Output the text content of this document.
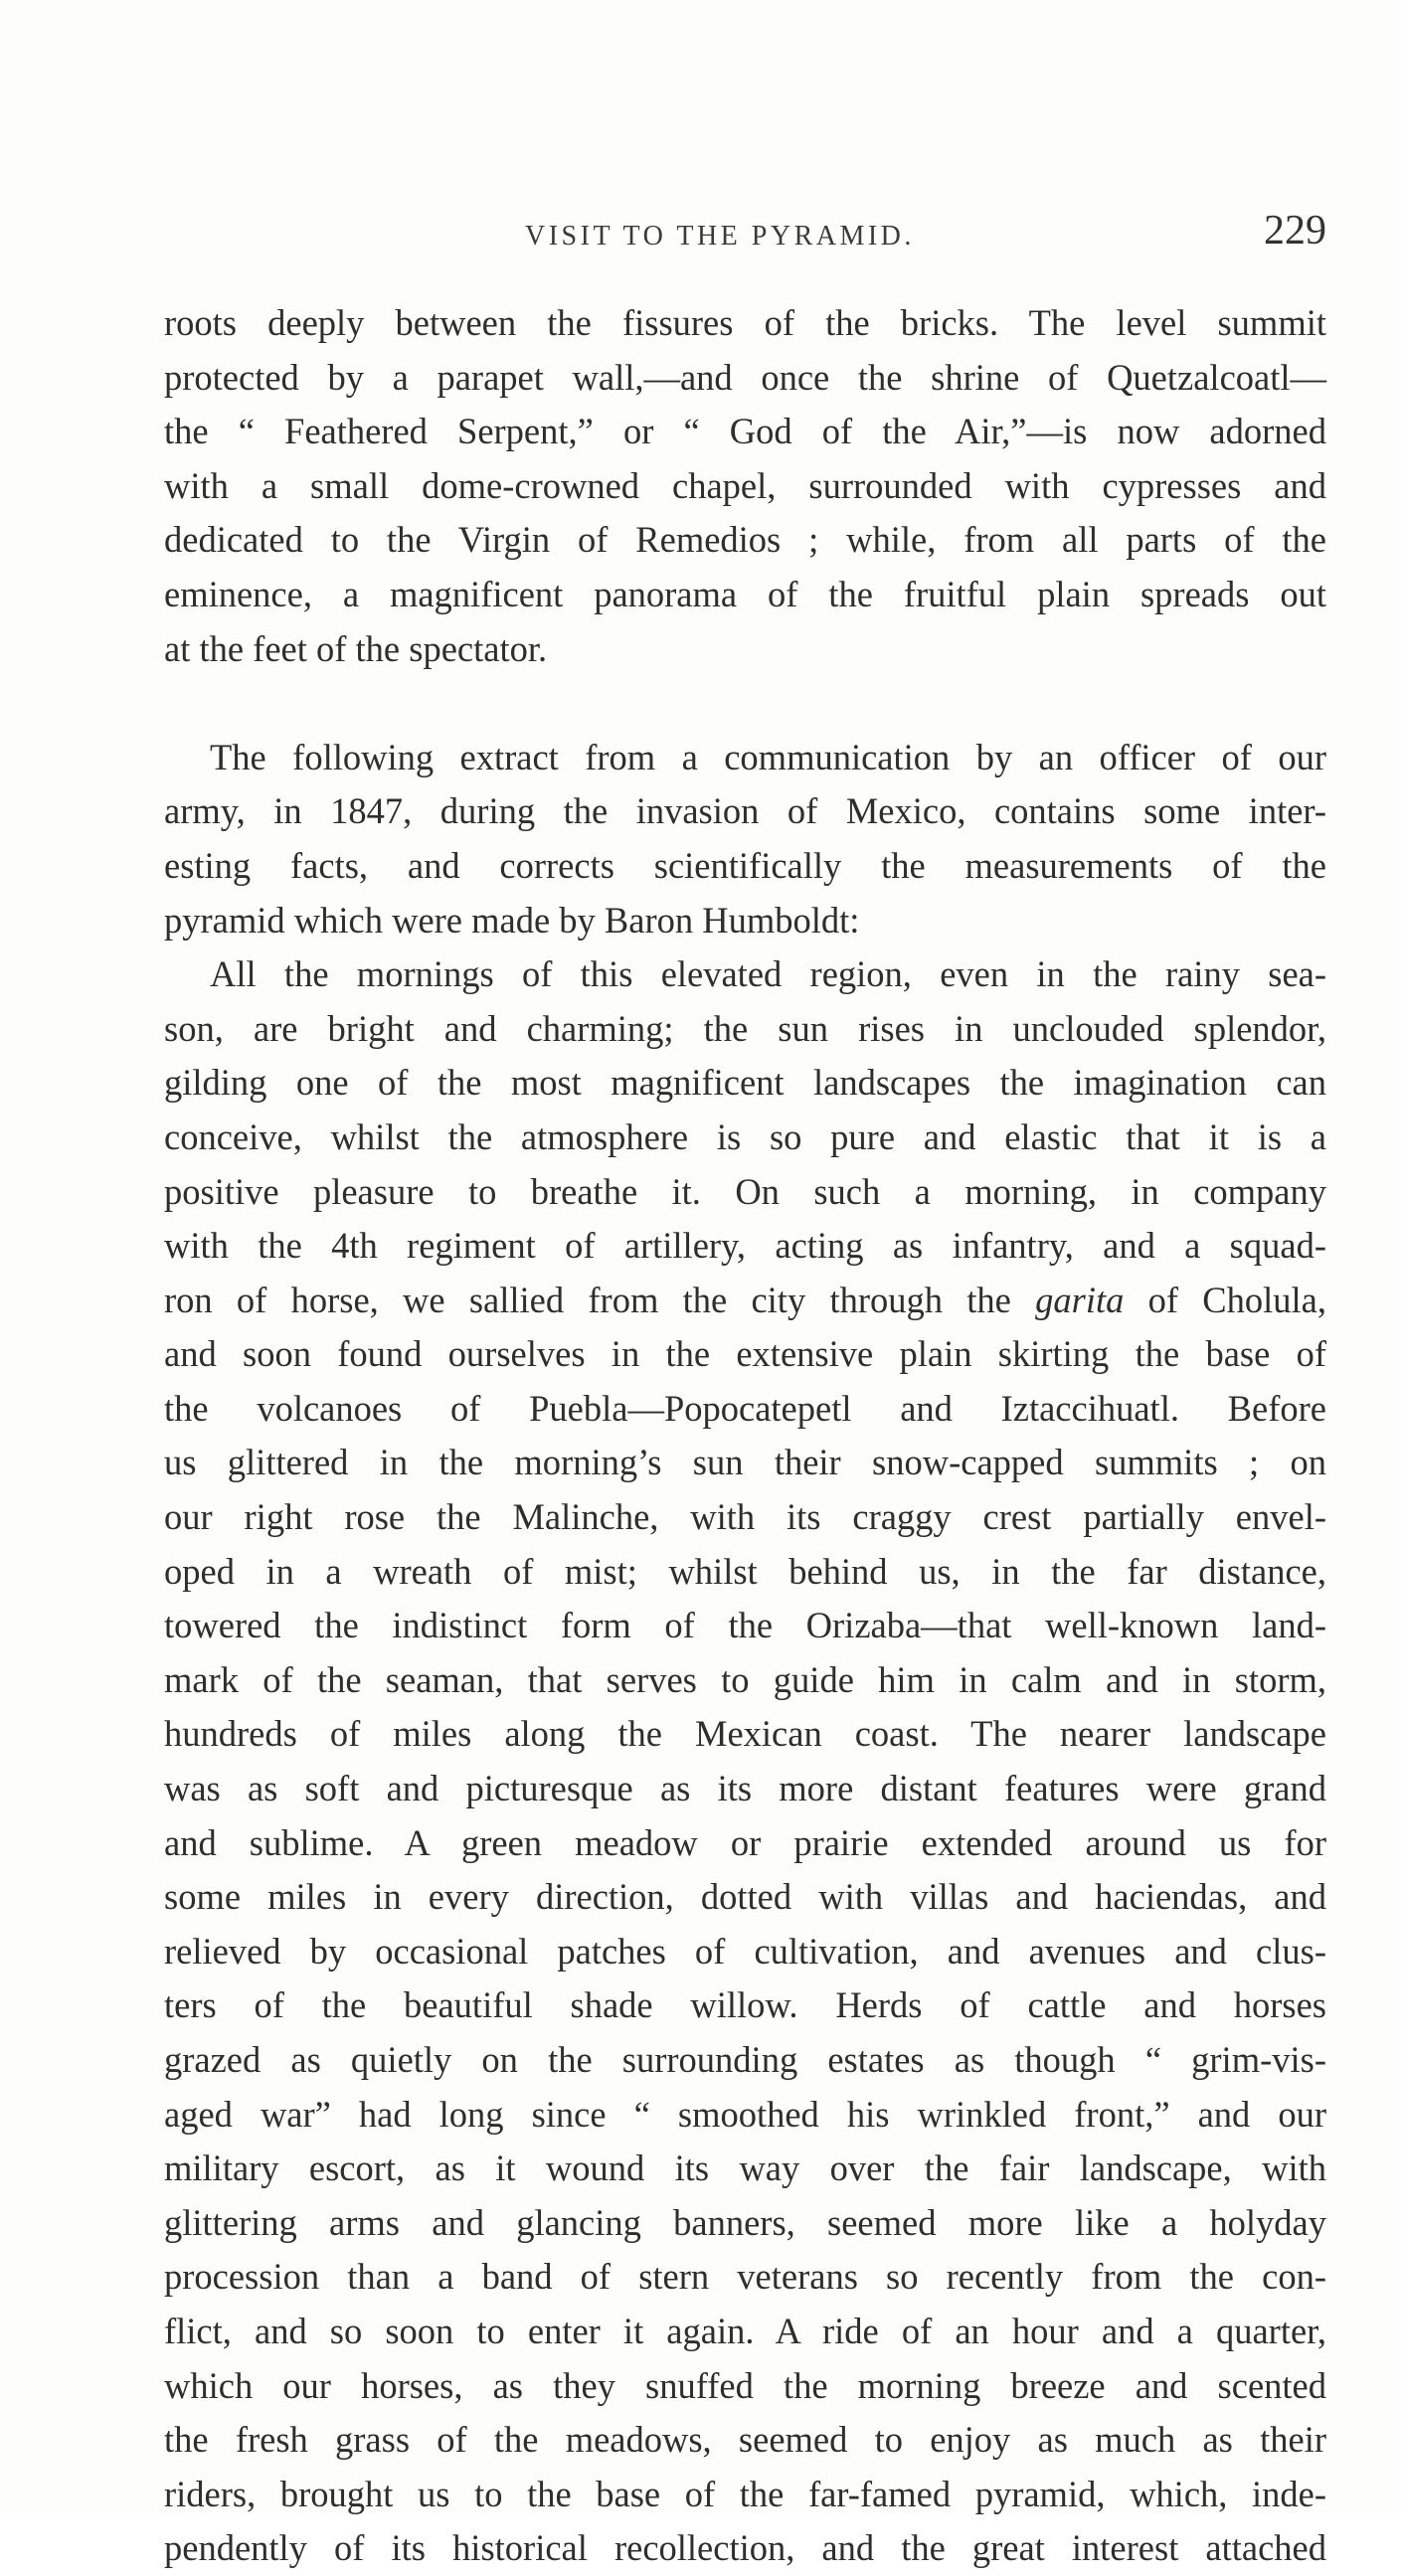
VISIT TO THE PYRAMID.	229
roots deeply between the fissures of the bricks. The level summit
protected by a parapet wall,—and once the shrine of Quetzalcoatl—
the “ Feathered Serpent,” or “ God of the Air,”—is now adorned
with a small dome-crowned chapel, surrounded with cypresses and
dedicated to the Virgin of Remedios ; while, from all parts of the
eminence, a magnificent panorama of the fruitful plain spreads out
at the feet of the spectator.
The following extract from a communication by an officer of our
army, in 1847, during the invasion of Mexico, contains some inter-
esting facts, and corrects scientifically the measurements of the
pyramid which were made by Baron Humboldt:
All the mornings of this elevated region, even in the rainy sea-
son, are bright and charming; the sun rises in unclouded splendor,
gilding one of the most magnificent landscapes the imagination can
conceive, whilst the atmosphere is so pure and elastic that it is a
positive pleasure to breathe it. On such a morning, in company
with the 4th regiment of artillery, acting as infantry, and a squad-
ron of horse, we sallied from the city through the garita of Cholula,
and soon found ourselves in the extensive plain skirting the base of
the volcanoes of Puebla—Popocatepetl and Iztaccihuatl. Before
us glittered in the morning’s sun their snow-capped summits ; on
our right rose the Malinche, with its craggy crest partially envel-
oped in a wreath of mist; whilst behind us, in the far distance,
towered the indistinct form of the Orizaba—that well-known land-
mark of the seaman, that serves to guide him in calm and in storm,
hundreds of miles along the Mexican coast. The nearer landscape
was as soft and picturesque as its more distant features were grand
and sublime. A green meadow or prairie extended around us for
some miles in every direction, dotted with villas and haciendas, and
relieved by occasional patches of cultivation, and avenues and clus-
ters of the beautiful shade willow. Herds of cattle and horses
grazed as quietly on the surrounding estates as though “ grim-vis-
aged war” had long since “ smoothed his wrinkled front,” and our
military escort, as it wound its way over the fair landscape, with
glittering arms and glancing banners, seemed more like a holyday
procession than a band of stern veterans so recently from the con-
flict, and so soon to enter it again. A ride of an hour and a quarter,
which our horses, as they snuffed the morning breeze and scented
the fresh grass of the meadows, seemed to enjoy as much as their
riders, brought us to the base of the far-famed pyramid, which, inde-
pendently of its historical recollection, and the great interest attached
